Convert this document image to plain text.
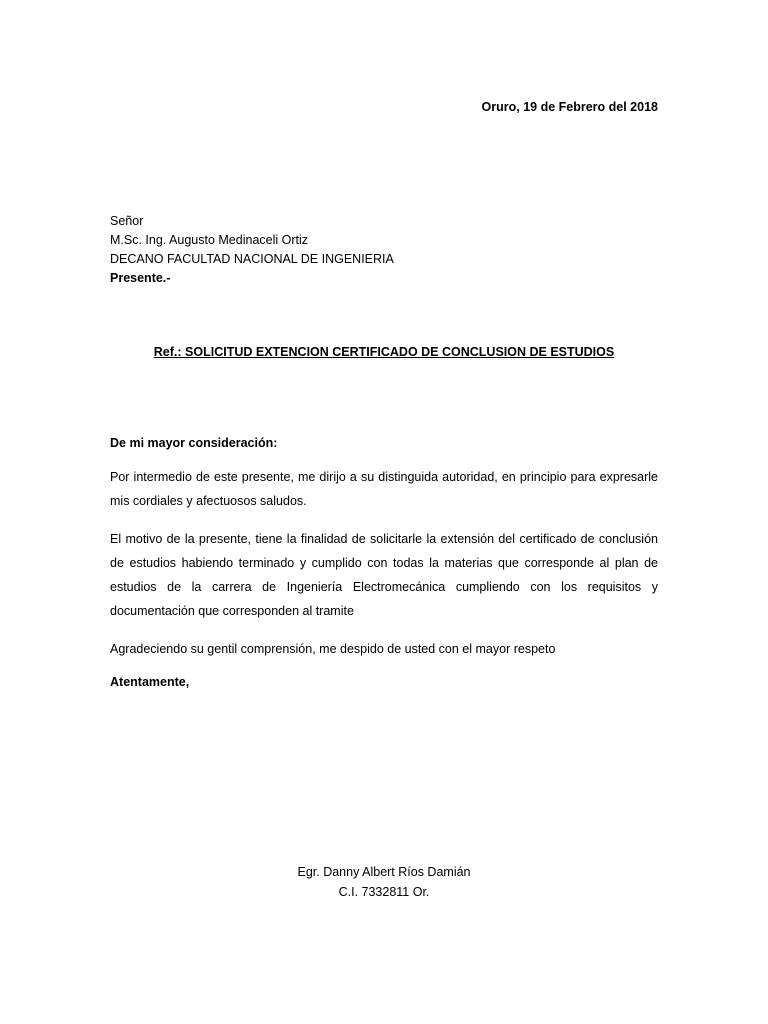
Oruro, 19 de Febrero del 2018
Señor
M.Sc. Ing. Augusto Medinaceli Ortiz
DECANO FACULTAD NACIONAL DE INGENIERIA
Presente.-
Ref.: SOLICITUD EXTENCION CERTIFICADO DE CONCLUSION DE ESTUDIOS

De mi mayor consideración:

Por intermedio de este presente, me dirijo a su distinguida autoridad, en principio para expresarle mis cordiales y afectuosos saludos.

El motivo de la presente, tiene la finalidad de solicitarle la extensión del certificado de conclusión de estudios habiendo terminado y cumplido con todas la materias que corresponde al plan de estudios de la carrera de Ingeniería Electromecánica cumpliendo con los requisitos y documentación que corresponden al tramite

Agradeciendo su gentil comprensión, me despido de usted con el mayor respeto

Atentamente,
Egr. Danny Albert Ríos Damián
C.I. 7332811 Or.
